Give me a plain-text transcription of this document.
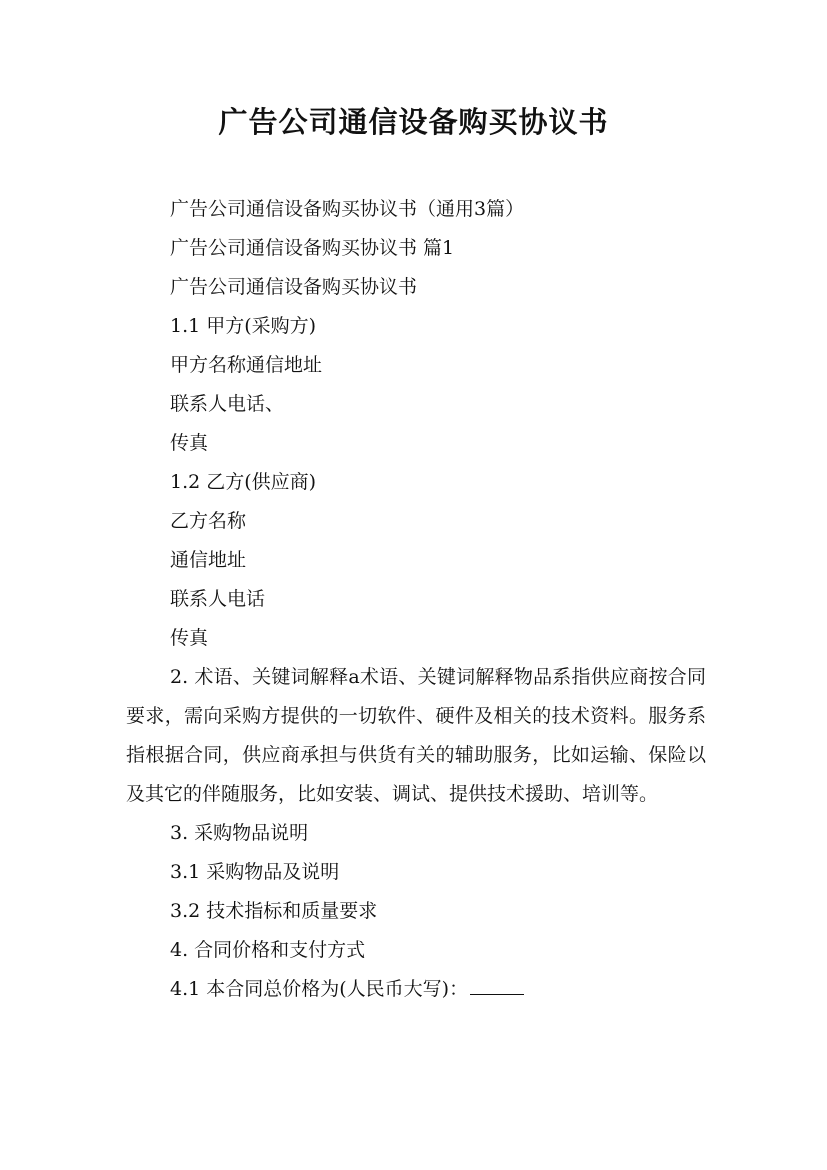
广告公司通信设备购买协议书

广告公司通信设备购买协议书（通用3篇）

广告公司通信设备购买协议书 篇1

广告公司通信设备购买协议书

1.1 甲方(采购方)

甲方名称通信地址

联系人电话、

传真

1.2 乙方(供应商)

乙方名称

通信地址

联系人电话

传真

2. 术语、关键词解释a术语、关键词解释物品系指供应商按合同要求，需向采购方提供的一切软件、硬件及相关的技术资料。服务系指根据合同，供应商承担与供货有关的辅助服务，比如运输、保险以及其它的伴随服务，比如安装、调试、提供技术援助、培训等。

3. 采购物品说明

3.1 采购物品及说明

3.2 技术指标和质量要求

4. 合同价格和支付方式

4.1 本合同总价格为(人民币大写)：
